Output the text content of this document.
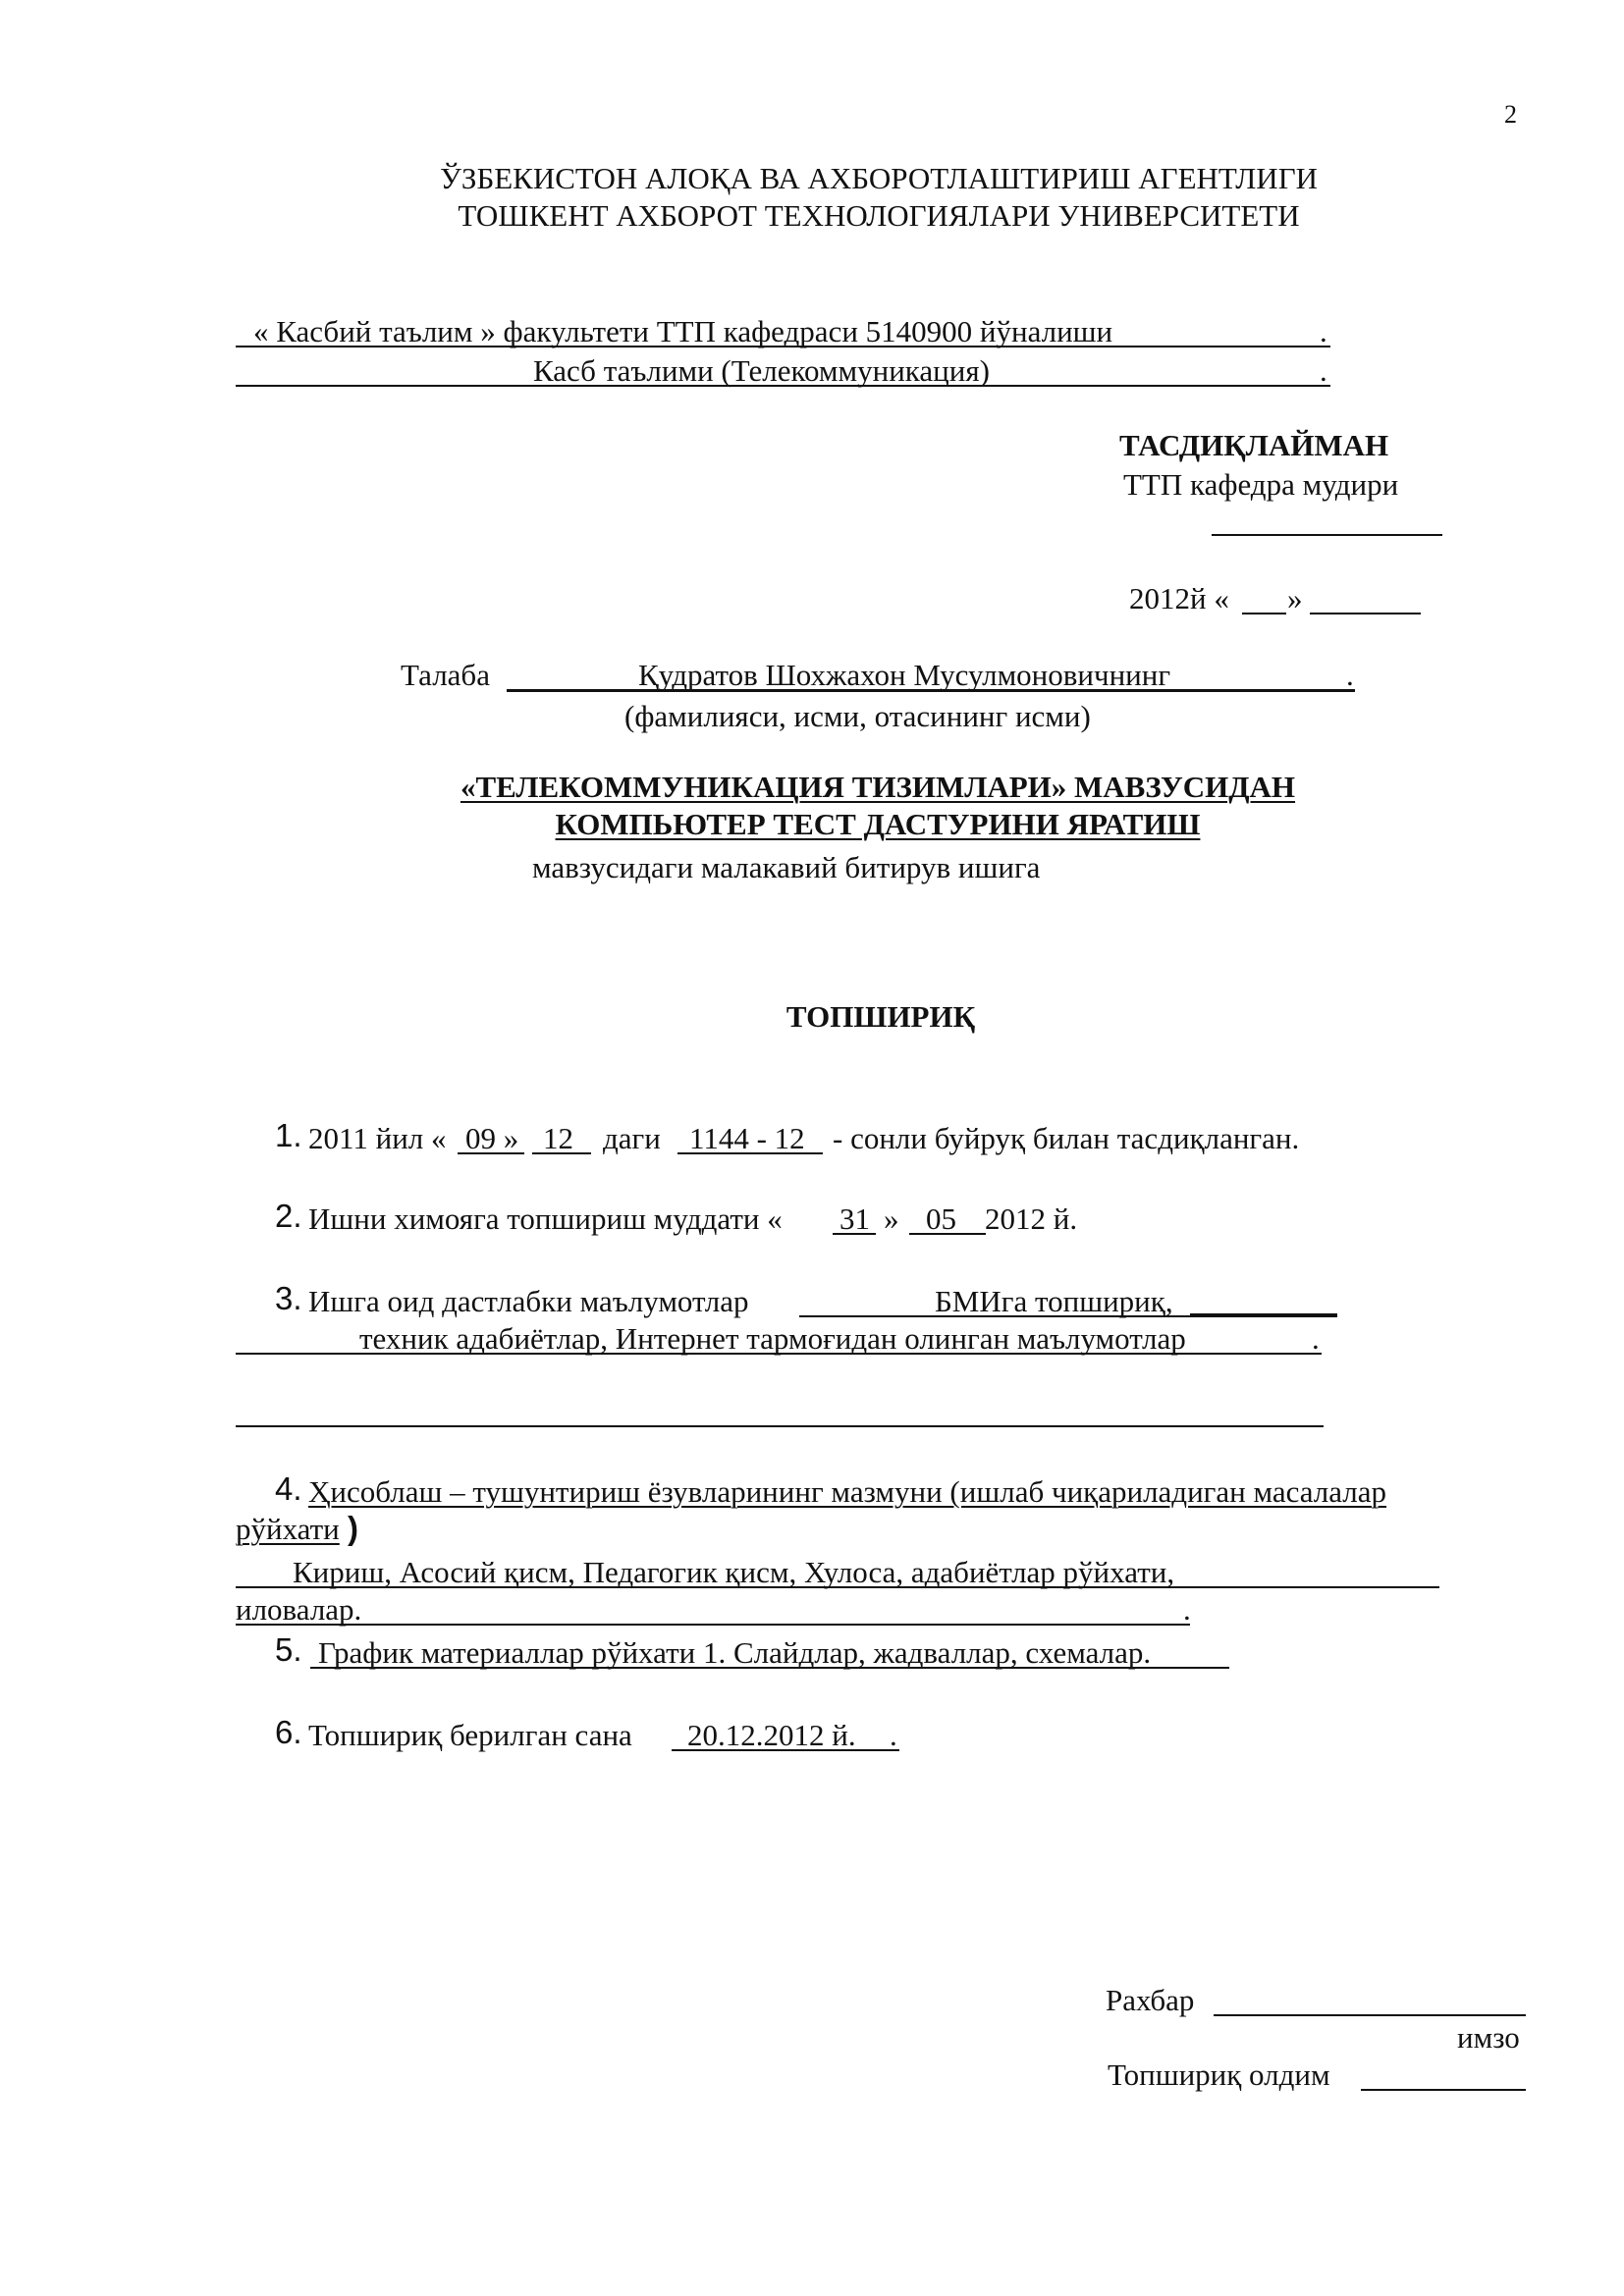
2
ЎЗБЕКИСТОН АЛОҚА ВА АХБОРОТЛАШТИРИШ АГЕНТЛИГИ
ТОШКЕНТ АХБОРОТ ТЕХНОЛОГИЯЛАРИ УНИВЕРСИТЕТИ
« Касбий таълим » факультети ТТП кафедраси 5140900 йўналиши	.
Касб таълими (Телекоммуникация)	.
ТАСДИҚЛАЙМАН
ТТП кафедра мудири
2012й « »
Талаба	Қудратов Шохжахон Мусулмоновичнинг	.
(фамилияси, исми, отасининг исми)
«ТЕЛЕКОММУНИКАЦИЯ ТИЗИМЛАРИ» МАВЗУСИДАН
КОМПЬЮТЕР ТЕСТ ДАСТУРИНИ ЯРАТИШ
мавзусидаги малакавий битирув ишига
ТОПШИРИҚ
1. 2011 йил « 09 » 12 даги 1144 - 12 - сонли буйруқ билан тасдиқланган.
2. Ишни химояга топшириш муддати « 31 » 05 2012 й.
3. Ишга оид дастлабки маълумотлар	БМИга топшириқ,
техник адабиётлар, Интернет тармоғидан олинган маълумотлар	.
4. Ҳисоблаш – тушунтириш ёзувларининг мазмуни (ишлаб чиқариладиган масалалар
рўйхати )
Кириш, Асосий қисм, Педагогик қисм, Хулоса, адабиётлар рўйхати,
иловалар.	.
5. График материаллар рўйхати 1. Слайдлар, жадваллар, схемалар.
6. Топшириқ берилган сана 20.12.2012 й. .
Рахбар
имзо
Топшириқ олдим
